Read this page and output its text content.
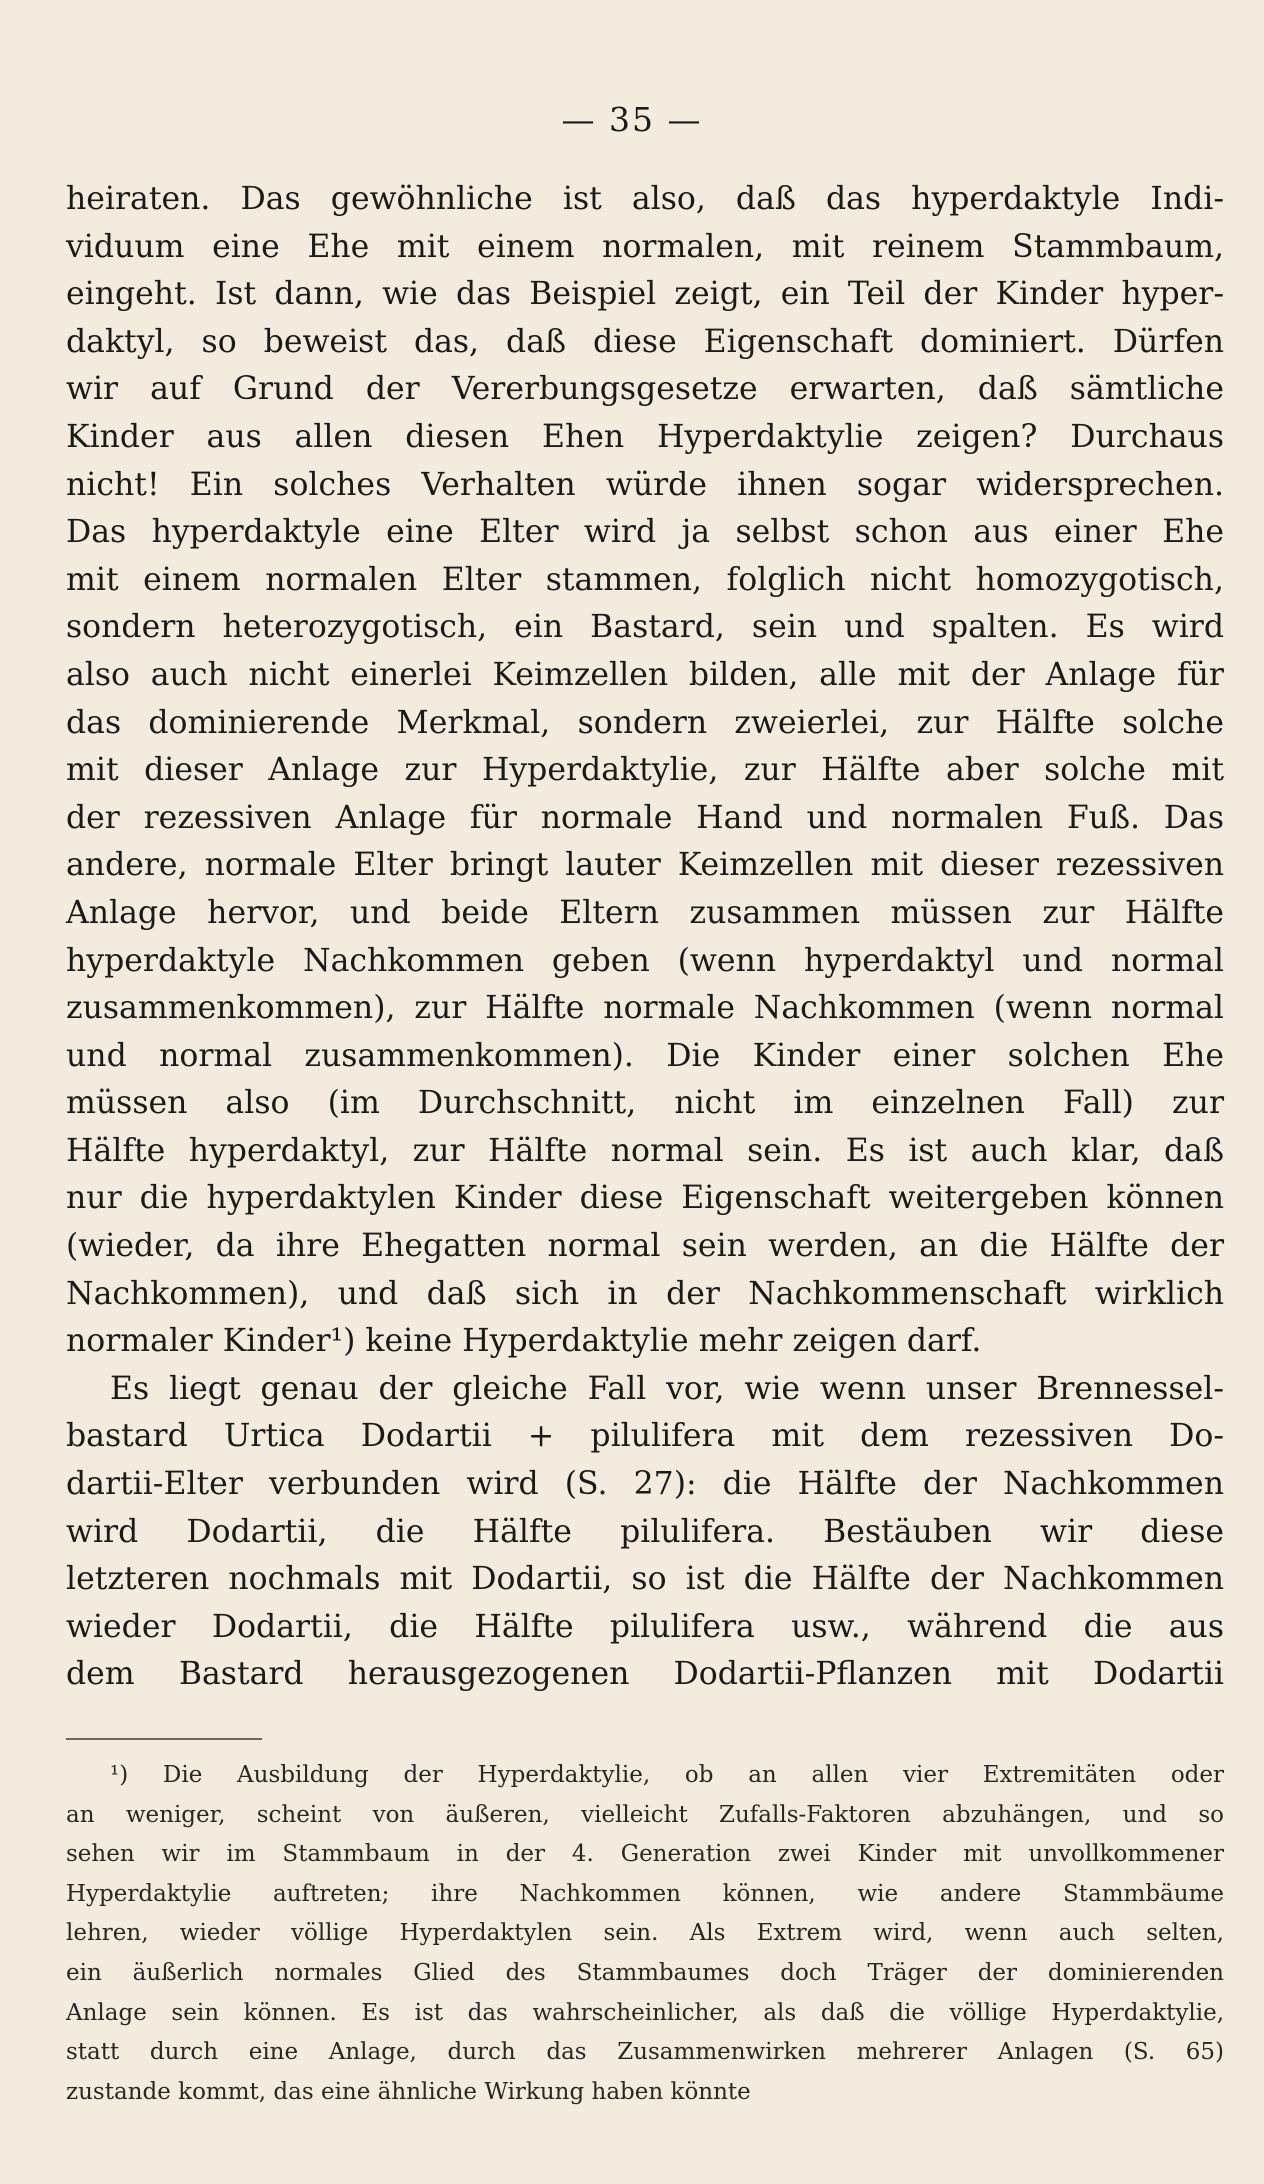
— 35 —
heiraten. Das gewöhnliche ist also, daß das hyperdaktyle Indi-
viduum eine Ehe mit einem normalen, mit reinem Stammbaum,
eingeht. Ist dann, wie das Beispiel zeigt, ein Teil der Kinder hyper-
daktyl, so beweist das, daß diese Eigenschaft dominiert. Dürfen
wir auf Grund der Vererbungsgesetze erwarten, daß sämtliche
Kinder aus allen diesen Ehen Hyperdaktylie zeigen? Durchaus
nicht! Ein solches Verhalten würde ihnen sogar widersprechen.
Das hyperdaktyle eine Elter wird ja selbst schon aus einer Ehe
mit einem normalen Elter stammen, folglich nicht homozygotisch,
sondern heterozygotisch, ein Bastard, sein und spalten. Es wird
also auch nicht einerlei Keimzellen bilden, alle mit der Anlage für
das dominierende Merkmal, sondern zweierlei, zur Hälfte solche
mit dieser Anlage zur Hyperdaktylie, zur Hälfte aber solche mit
der rezessiven Anlage für normale Hand und normalen Fuß. Das
andere, normale Elter bringt lauter Keimzellen mit dieser rezessiven
Anlage hervor, und beide Eltern zusammen müssen zur Hälfte
hyperdaktyle Nachkommen geben (wenn hyperdaktyl und normal
zusammenkommen), zur Hälfte normale Nachkommen (wenn normal
und normal zusammenkommen). Die Kinder einer solchen Ehe
müssen also (im Durchschnitt, nicht im einzelnen Fall) zur
Hälfte hyperdaktyl, zur Hälfte normal sein. Es ist auch klar, daß
nur die hyperdaktylen Kinder diese Eigenschaft weitergeben können
(wieder, da ihre Ehegatten normal sein werden, an die Hälfte der
Nachkommen), und daß sich in der Nachkommenschaft wirklich
normaler Kinder¹) keine Hyperdaktylie mehr zeigen darf.
Es liegt genau der gleiche Fall vor, wie wenn unser Brennessel-
bastard Urtica Dodartii + pilulifera mit dem rezessiven Do-
dartii-Elter verbunden wird (S. 27): die Hälfte der Nachkommen
wird Dodartii, die Hälfte pilulifera. Bestäuben wir diese
letzteren nochmals mit Dodartii, so ist die Hälfte der Nachkommen
wieder Dodartii, die Hälfte pilulifera usw., während die aus
dem Bastard herausgezogenen Dodartii-Pflanzen mit Dodartii
¹) Die Ausbildung der Hyperdaktylie, ob an allen vier Extremitäten oder
an weniger, scheint von äußeren, vielleicht Zufalls-Faktoren abzuhängen, und so
sehen wir im Stammbaum in der 4. Generation zwei Kinder mit unvollkommener
Hyperdaktylie auftreten; ihre Nachkommen können, wie andere Stammbäume
lehren, wieder völlige Hyperdaktylen sein. Als Extrem wird, wenn auch selten,
ein äußerlich normales Glied des Stammbaumes doch Träger der dominierenden
Anlage sein können. Es ist das wahrscheinlicher, als daß die völlige Hyperdaktylie,
statt durch eine Anlage, durch das Zusammenwirken mehrerer Anlagen (S. 65)
zustande kommt, das eine ähnliche Wirkung haben könnte
